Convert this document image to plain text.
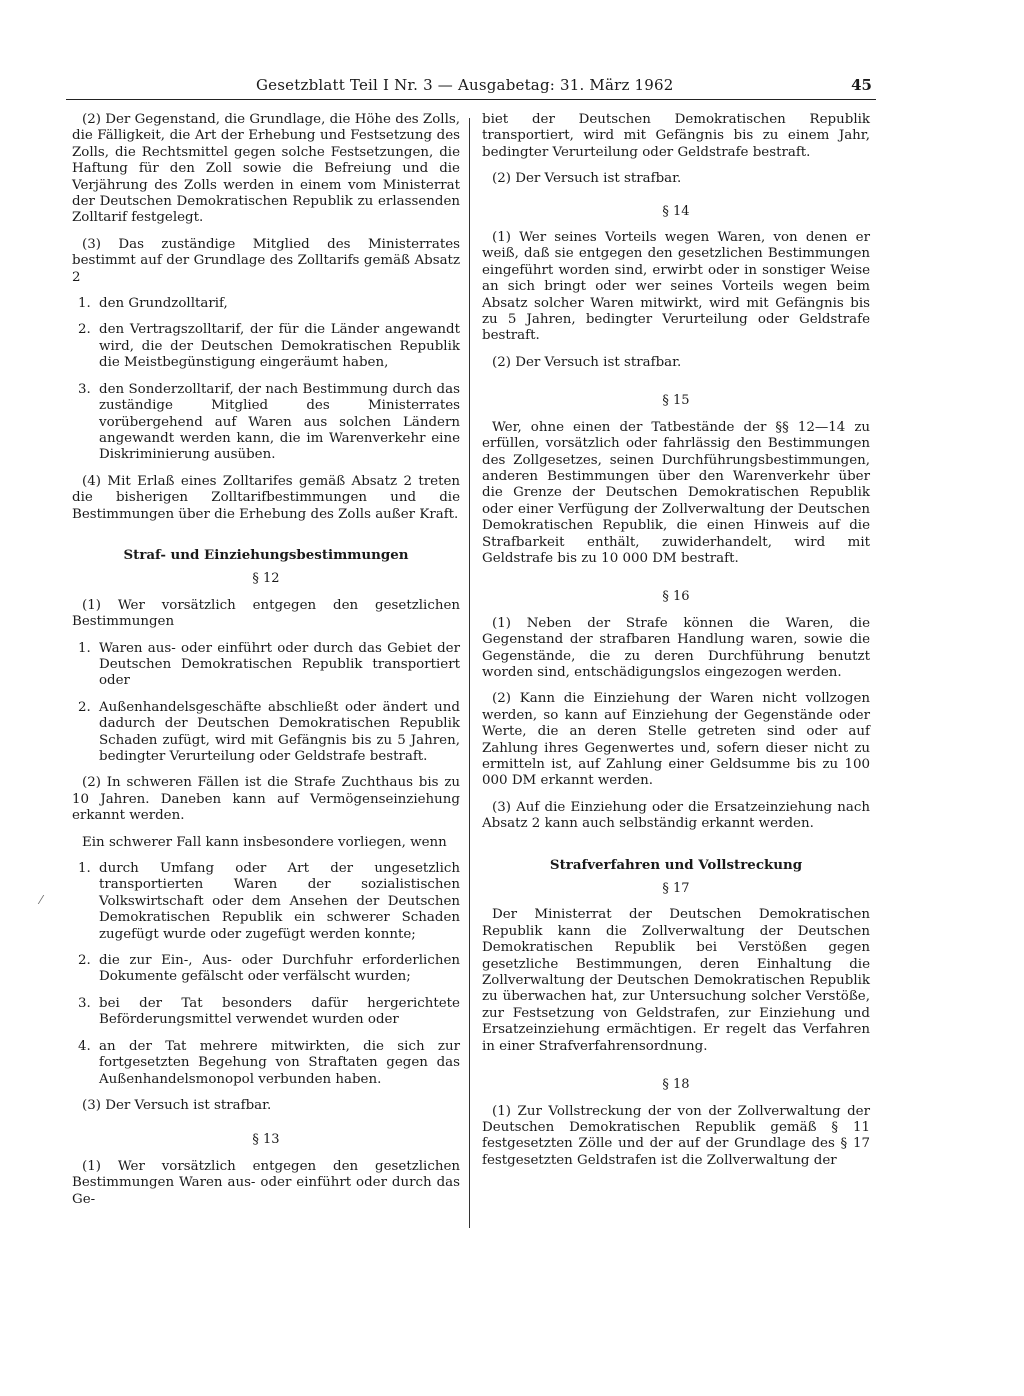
Gesetzblatt Teil I Nr. 3 — Ausgabetag: 31. März 1962	45

(2) Der Gegenstand, die Grundlage, die Höhe des Zolls, die Fälligkeit, die Art der Erhebung und Festsetzung des Zolls, die Rechtsmittel gegen solche Festsetzungen, die Haftung für den Zoll sowie die Befreiung und die Verjährung des Zolls werden in einem vom Ministerrat der Deutschen Demokratischen Republik zu erlassenden Zolltarif festgelegt.

(3) Das zuständige Mitglied des Ministerrates bestimmt auf der Grundlage des Zolltarifs gemäß Absatz 2

1. den Grundzolltarif,
2. den Vertragszolltarif, der für die Länder angewandt wird, die der Deutschen Demokratischen Republik die Meistbegünstigung eingeräumt haben,
3. den Sonderzolltarif, der nach Bestimmung durch das zuständige Mitglied des Ministerrates vorübergehend auf Waren aus solchen Ländern angewandt werden kann, die im Warenverkehr eine Diskriminierung ausüben.

(4) Mit Erlaß eines Zolltarifes gemäß Absatz 2 treten die bisherigen Zolltarifbestimmungen und die Bestimmungen über die Erhebung des Zolls außer Kraft.

Straf- und Einziehungsbestimmungen
§ 12

(1) Wer vorsätzlich entgegen den gesetzlichen Bestimmungen

1. Waren aus- oder einführt oder durch das Gebiet der Deutschen Demokratischen Republik transportiert oder
2. Außenhandelsgeschäfte abschließt oder ändert und dadurch der Deutschen Demokratischen Republik Schaden zufügt, wird mit Gefängnis bis zu 5 Jahren, bedingter Verurteilung oder Geldstrafe bestraft.

(2) In schweren Fällen ist die Strafe Zuchthaus bis zu 10 Jahren. Daneben kann auf Vermögenseinziehung erkannt werden.

Ein schwerer Fall kann insbesondere vorliegen, wenn

1. durch Umfang oder Art der ungesetzlich transportierten Waren der sozialistischen Volkswirtschaft oder dem Ansehen der Deutschen Demokratischen Republik ein schwerer Schaden zugefügt wurde oder zugefügt werden konnte;
2. die zur Ein-, Aus- oder Durchfuhr erforderlichen Dokumente gefälscht oder verfälscht wurden;
3. bei der Tat besonders dafür hergerichtete Beförderungsmittel verwendet wurden oder
4. an der Tat mehrere mitwirkten, die sich zur fortgesetzten Begehung von Straftaten gegen das Außenhandelsmonopol verbunden haben.

(3) Der Versuch ist strafbar.

§ 13

(1) Wer vorsätzlich entgegen den gesetzlichen Bestimmungen Waren aus- oder einführt oder durch das Ge-

biet der Deutschen Demokratischen Republik transportiert, wird mit Gefängnis bis zu einem Jahr, bedingter Verurteilung oder Geldstrafe bestraft.

(2) Der Versuch ist strafbar.

§ 14

(1) Wer seines Vorteils wegen Waren, von denen er weiß, daß sie entgegen den gesetzlichen Bestimmungen eingeführt worden sind, erwirbt oder in sonstiger Weise an sich bringt oder wer seines Vorteils wegen beim Absatz solcher Waren mitwirkt, wird mit Gefängnis bis zu 5 Jahren, bedingter Verurteilung oder Geldstrafe bestraft.

(2) Der Versuch ist strafbar.

§ 15

Wer, ohne einen der Tatbestände der §§ 12—14 zu erfüllen, vorsätzlich oder fahrlässig den Bestimmungen des Zollgesetzes, seinen Durchführungsbestimmungen, anderen Bestimmungen über den Warenverkehr über die Grenze der Deutschen Demokratischen Republik oder einer Verfügung der Zollverwaltung der Deutschen Demokratischen Republik, die einen Hinweis auf die Strafbarkeit enthält, zuwiderhandelt, wird mit Geldstrafe bis zu 10 000 DM bestraft.

§ 16

(1) Neben der Strafe können die Waren, die Gegenstand der strafbaren Handlung waren, sowie die Gegenstände, die zu deren Durchführung benutzt worden sind, entschädigungslos eingezogen werden.

(2) Kann die Einziehung der Waren nicht vollzogen werden, so kann auf Einziehung der Gegenstände oder Werte, die an deren Stelle getreten sind oder auf Zahlung ihres Gegenwertes und, sofern dieser nicht zu ermitteln ist, auf Zahlung einer Geldsumme bis zu 100 000 DM erkannt werden.

(3) Auf die Einziehung oder die Ersatzeinziehung nach Absatz 2 kann auch selbständig erkannt werden.

Strafverfahren und Vollstreckung
§ 17

Der Ministerrat der Deutschen Demokratischen Republik kann die Zollverwaltung der Deutschen Demokratischen Republik bei Verstößen gegen gesetzliche Bestimmungen, deren Einhaltung die Zollverwaltung der Deutschen Demokratischen Republik zu überwachen hat, zur Untersuchung solcher Verstöße, zur Festsetzung von Geldstrafen, zur Einziehung und Ersatzeinziehung ermächtigen. Er regelt das Verfahren in einer Strafverfahrensordnung.

§ 18

(1) Zur Vollstreckung der von der Zollverwaltung der Deutschen Demokratischen Republik gemäß § 11 festgesetzten Zölle und der auf der Grundlage des § 17 festgesetzten Geldstrafen ist die Zollverwaltung der

⁄
